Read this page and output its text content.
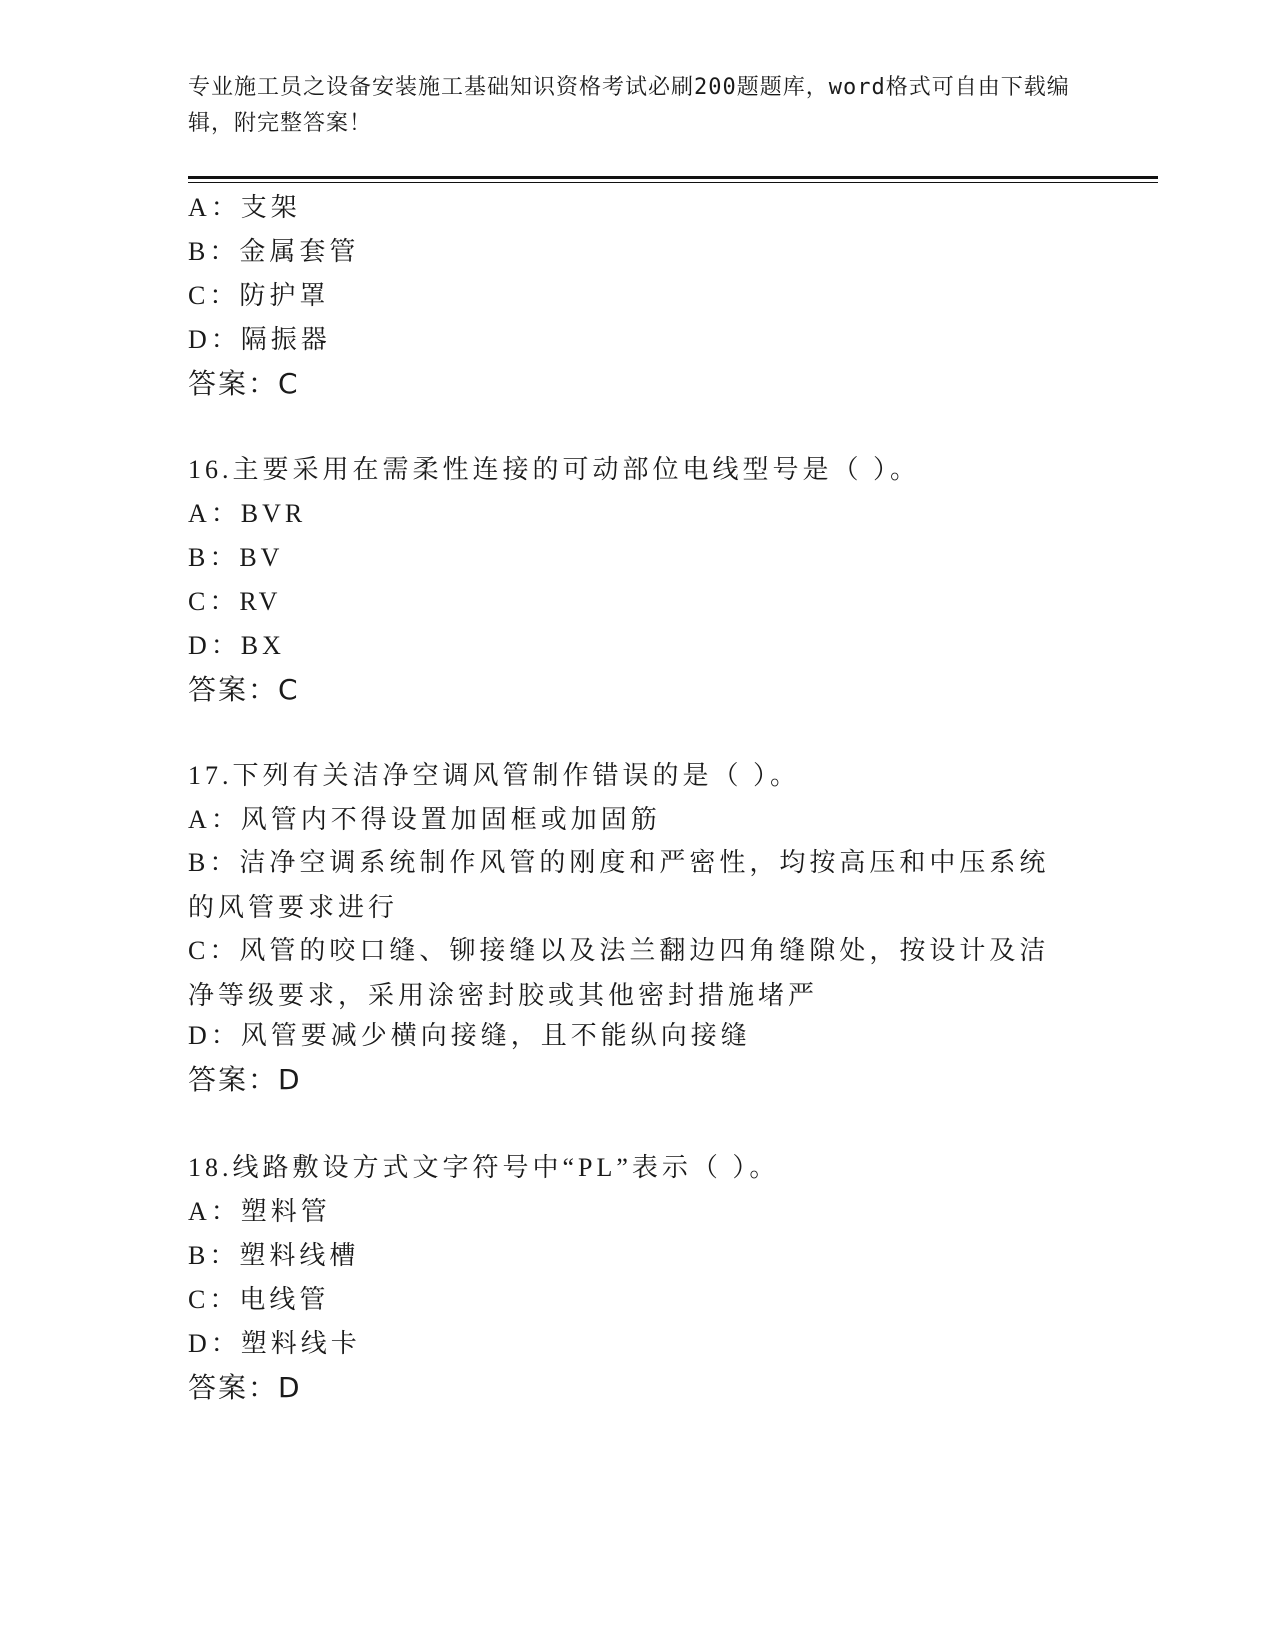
专业施工员之设备安装施工基础知识资格考试必刷200题题库，word格式可自由下载编辑，附完整答案！
A：支架
B：金属套管
C：防护罩
D：隔振器
答案：C
16.主要采用在需柔性连接的可动部位电线型号是（ ）。
A：BVR
B：BV
C：RV
D：BX
答案：C
17.下列有关洁净空调风管制作错误的是（ ）。
A：风管内不得设置加固框或加固筋
B：洁净空调系统制作风管的刚度和严密性，均按高压和中压系统的风管要求进行
C：风管的咬口缝、铆接缝以及法兰翻边四角缝隙处，按设计及洁净等级要求，采用涂密封胶或其他密封措施堵严
D：风管要减少横向接缝，且不能纵向接缝
答案：D
18.线路敷设方式文字符号中“PL”表示（ ）。
A：塑料管
B：塑料线槽
C：电线管
D：塑料线卡
答案：D
